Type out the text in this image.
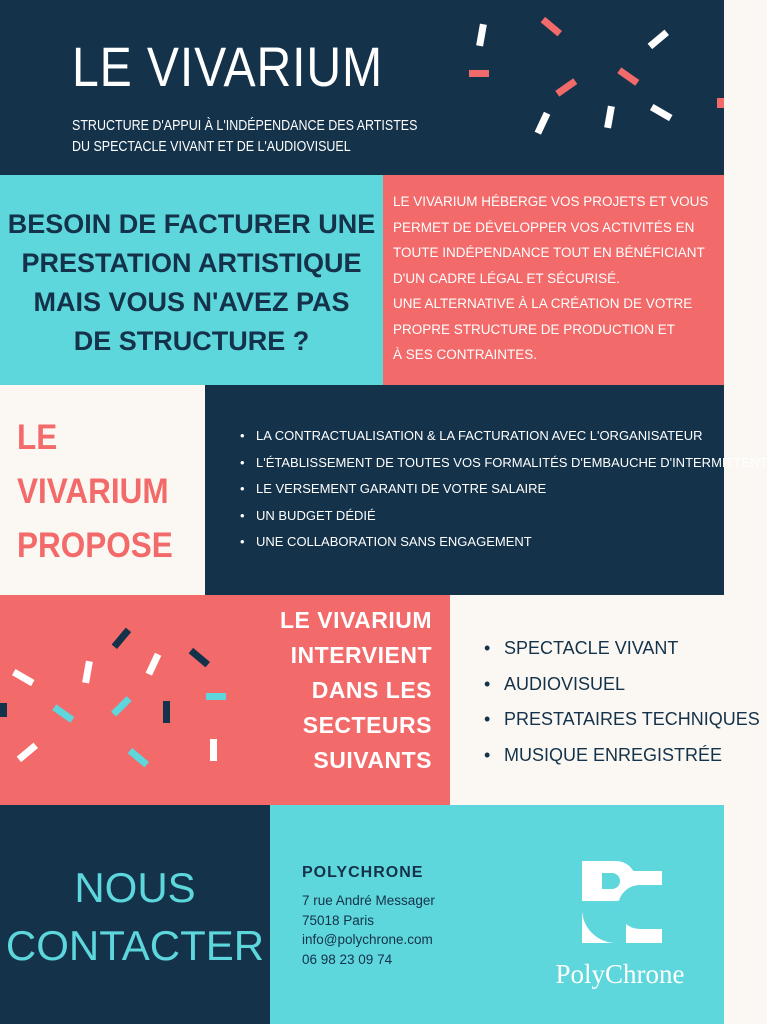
LE VIVARIUM
STRUCTURE D'APPUI À L'INDÉPENDANCE DES ARTISTES
DU SPECTACLE VIVANT ET DE L'AUDIOVISUEL
BESOIN DE FACTURER UNE
PRESTATION ARTISTIQUE
MAIS VOUS N'AVEZ PAS
DE STRUCTURE ?
LE VIVARIUM HÉBERGE VOS PROJETS ET VOUS
PERMET DE DÉVELOPPER VOS ACTIVITÉS EN
TOUTE INDÉPENDANCE TOUT EN BÉNÉFICIANT
D'UN CADRE LÉGAL ET SÉCURISÉ.
UNE ALTERNATIVE À LA CRÉATION DE VOTRE
PROPRE STRUCTURE DE PRODUCTION ET
À SES CONTRAINTES.
LE
VIVARIUM
PROPOSE
• LA CONTRACTUALISATION & LA FACTURATION AVEC L'ORGANISATEUR
• L'ÉTABLISSEMENT DE TOUTES VOS FORMALITÉS D'EMBAUCHE D'INTERMITTENT
• LE VERSEMENT GARANTI DE VOTRE SALAIRE
• UN BUDGET DÉDIÉ
• UNE COLLABORATION SANS ENGAGEMENT
LE VIVARIUM
INTERVIENT
DANS LES
SECTEURS
SUIVANTS
• SPECTACLE VIVANT
• AUDIOVISUEL
• PRESTATAIRES TECHNIQUES
• MUSIQUE ENREGISTRÉE
NOUS
CONTACTER
POLYCHRONE
7 rue André Messager
75018 Paris
info@polychrone.com
06 98 23 09 74	PolyChrone
